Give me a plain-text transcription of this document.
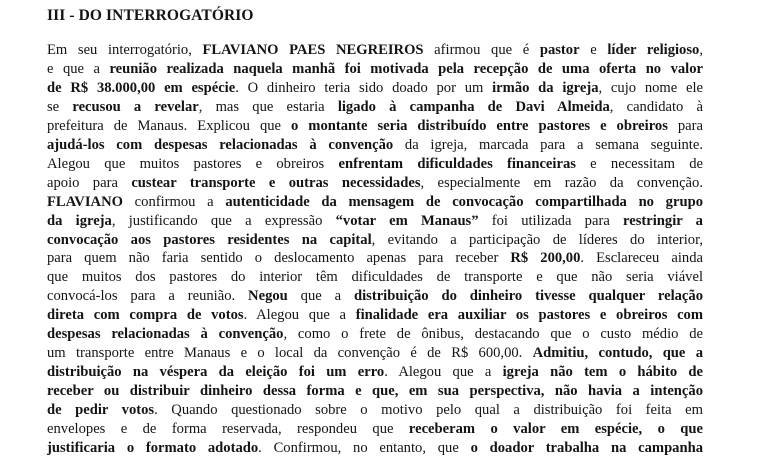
III - DO INTERROGATÓRIO
Em seu interrogatório, FLAVIANO PAES NEGREIROS afirmou que é pastor e líder religioso,
e que a reunião realizada naquela manhã foi motivada pela recepção de uma oferta no valor
de R$ 38.000,00 em espécie. O dinheiro teria sido doado por um irmão da igreja, cujo nome ele
se recusou a revelar, mas que estaria ligado à campanha de Davi Almeida, candidato à
prefeitura de Manaus. Explicou que o montante seria distribuído entre pastores e obreiros para
ajudá-los com despesas relacionadas à convenção da igreja, marcada para a semana seguinte.
Alegou que muitos pastores e obreiros enfrentam dificuldades financeiras e necessitam de
apoio para custear transporte e outras necessidades, especialmente em razão da convenção.
FLAVIANO confirmou a autenticidade da mensagem de convocação compartilhada no grupo
da igreja, justificando que a expressão “votar em Manaus” foi utilizada para restringir a
convocação aos pastores residentes na capital, evitando a participação de líderes do interior,
para quem não faria sentido o deslocamento apenas para receber R$ 200,00. Esclareceu ainda
que muitos dos pastores do interior têm dificuldades de transporte e que não seria viável
convocá-los para a reunião. Negou que a distribuição do dinheiro tivesse qualquer relação
direta com compra de votos. Alegou que a finalidade era auxiliar os pastores e obreiros com
despesas relacionadas à convenção, como o frete de ônibus, destacando que o custo médio de
um transporte entre Manaus e o local da convenção é de R$ 600,00. Admitiu, contudo, que a
distribuição na véspera da eleição foi um erro. Alegou que a igreja não tem o hábito de
receber ou distribuir dinheiro dessa forma e que, em sua perspectiva, não havia a intenção
de pedir votos. Quando questionado sobre o motivo pelo qual a distribuição foi feita em
envelopes e de forma reservada, respondeu que receberam o valor em espécie, o que
justificaria o formato adotado. Confirmou, no entanto, que o doador trabalha na campanha
